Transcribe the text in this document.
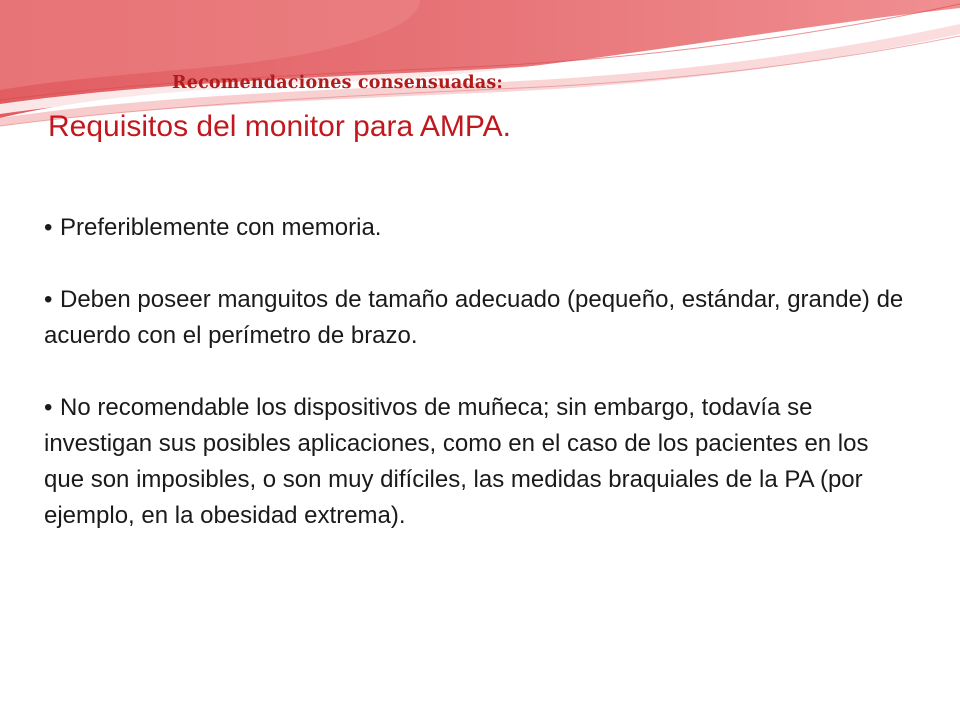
Recomendaciones consensuadas:

Requisitos del monitor para AMPA.
• Preferiblemente con memoria.
• Deben poseer manguitos de tamaño adecuado (pequeño, estándar, grande) de acuerdo con el perímetro de brazo.
• No recomendable los dispositivos de muñeca; sin embargo, todavía se investigan sus posibles aplicaciones, como en el caso de los pacientes en los que son imposibles, o son muy difíciles, las medidas braquiales de la PA (por ejemplo, en la obesidad extrema).
